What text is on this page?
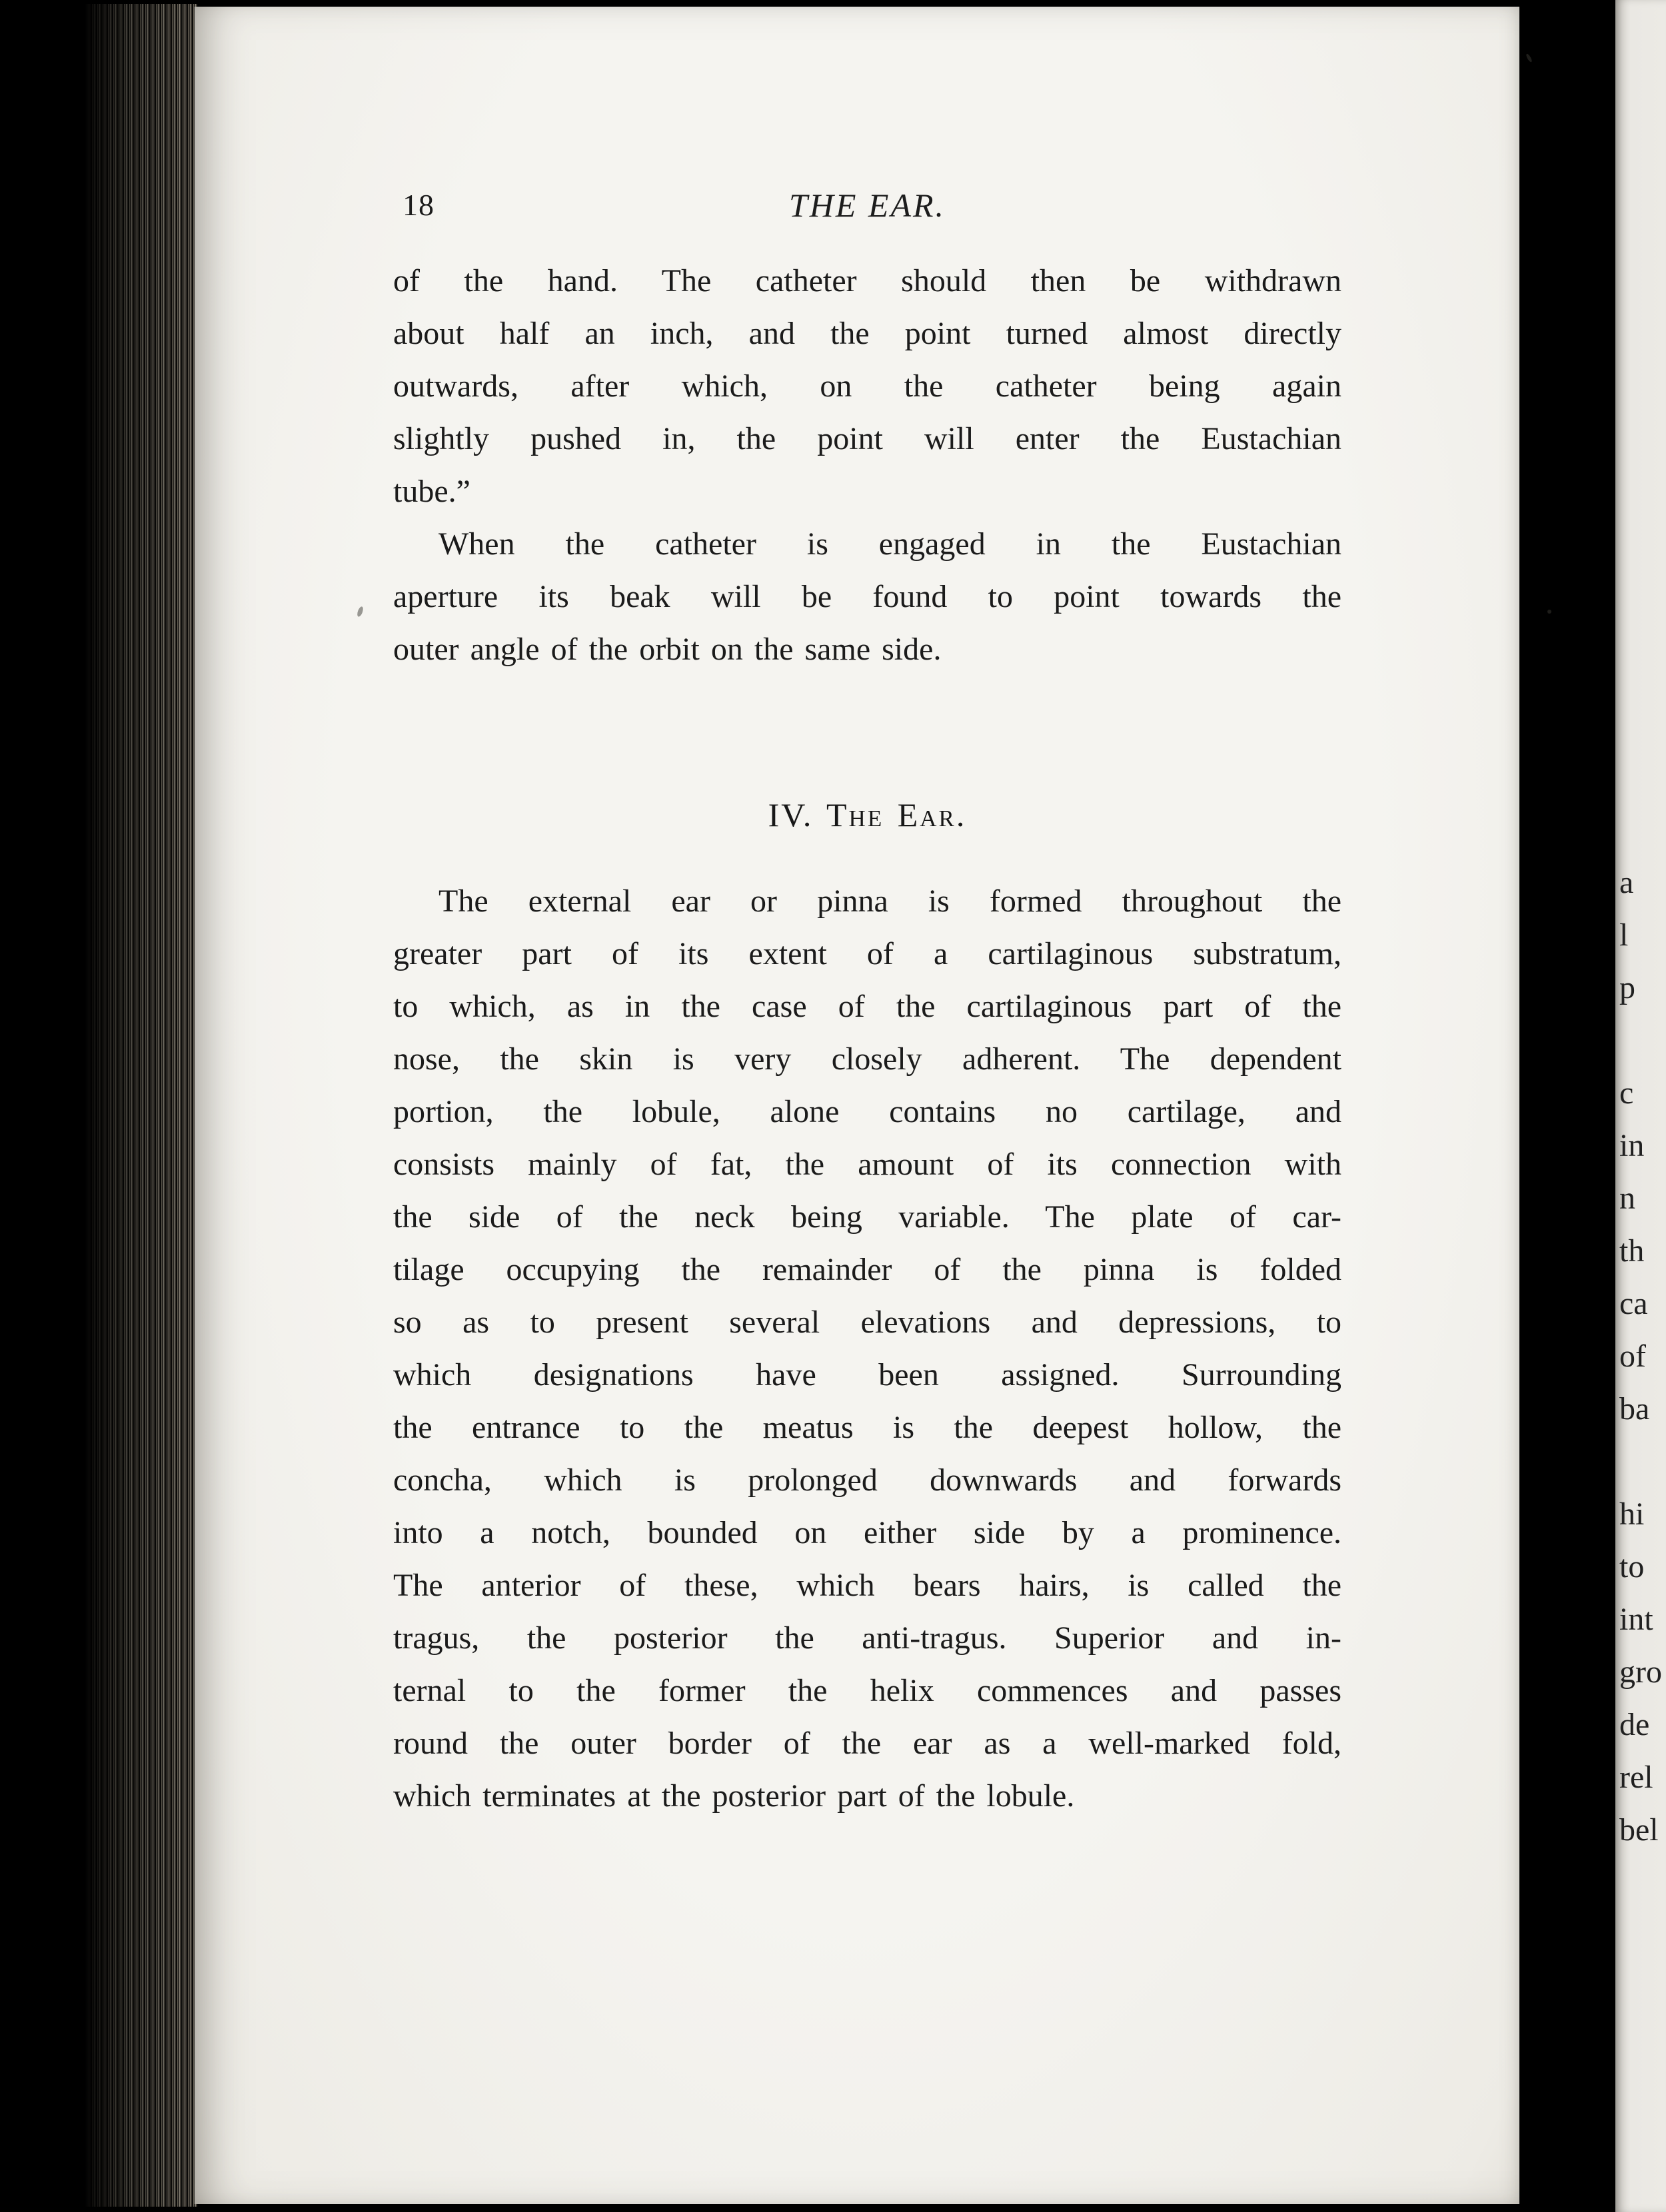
18	THE EAR.
of the hand. The catheter should then be withdrawn
about half an inch, and the point turned almost directly
outwards, after which, on the catheter being again
slightly pushed in, the point will enter the Eustachian
tube.”
When the catheter is engaged in the Eustachian
aperture its beak will be found to point towards the
outer angle of the orbit on the same side.
IV. The Ear.
The external ear or pinna is formed throughout the
greater part of its extent of a cartilaginous substratum,
to which, as in the case of the cartilaginous part of the
nose, the skin is very closely adherent. The dependent
portion, the lobule, alone contains no cartilage, and
consists mainly of fat, the amount of its connection with
the side of the neck being variable. The plate of car-
tilage occupying the remainder of the pinna is folded
so as to present several elevations and depressions, to
which designations have been assigned. Surrounding
the entrance to the meatus is the deepest hollow, the
concha, which is prolonged downwards and forwards
into a notch, bounded on either side by a prominence.
The anterior of these, which bears hairs, is called the
tragus, the posterior the anti-tragus. Superior and in-
ternal to the former the helix commences and passes
round the outer border of the ear as a well-marked fold,
which terminates at the posterior part of the lobule.
a
l
p
c
in
n
th
ca
of
ba
hi
to
int
gro
de
rel
bel
